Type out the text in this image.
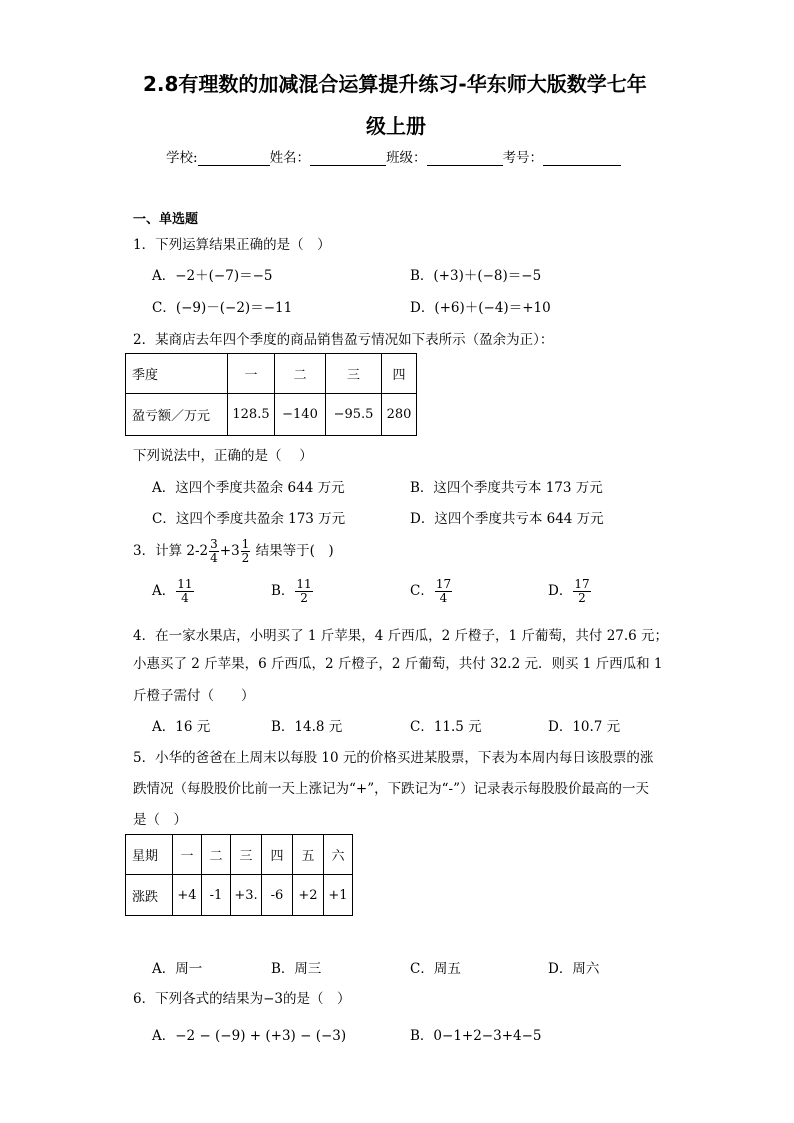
2.8有理数的加减混合运算提升练习-华东师大版数学七年
级上册
学校:	姓名：	班级：	考号：
一、单选题
1．下列运算结果正确的是（　）
A．−2＋(−7)＝−5	B．(+3)＋(−8)＝−5
C．(−9)－(−2)＝−11	D．(+6)＋(−4)＝+10
2．某商店去年四个季度的商品销售盈亏情况如下表所示（盈余为正）：
季度	一	二	三	四
盈亏额／万元	128.5	−140	−95.5	280
下列说法中，正确的是（　 ）
A．这四个季度共盈余 644 万元	B．这四个季度共亏本 173 万元
C．这四个季度共盈余 173 万元	D．这四个季度共亏本 644 万元
3．计算 $2-2 \frac{3}{4} +3 \frac{1}{2}$ 结果等于(　)
A． $\frac{11}{4}$	B． $\frac{11}{2}$	C． $\frac{17}{4}$	D． $\frac{17}{2}$
4．在一家水果店，小明买了 1 斤苹果，4 斤西瓜，2 斤橙子，1 斤葡萄，共付 27.6 元；
小惠买了 2 斤苹果，6 斤西瓜，2 斤橙子，2 斤葡萄，共付 32.2 元．则买 1 斤西瓜和 1
斤橙子需付（　　）
A．16 元	B．14.8 元	C．11.5 元	D．10.7 元
5．小华的爸爸在上周末以每股 10 元的价格买进某股票，下表为本周内每日该股票的涨
跌情况（每股股价比前一天上涨记为“+”，下跌记为“-”）记录表示每股股价最高的一天
是（　）
星期	一	二	三	四	五	六
涨跌	+4	-1	+3.	-6	+2	+1
A．周一	B．周三	C．周五	D．周六
6．下列各式的结果为−3的是（　）
A．−2 − (−9) + (+3) − (−3)	B．0−1+2−3+4−5
